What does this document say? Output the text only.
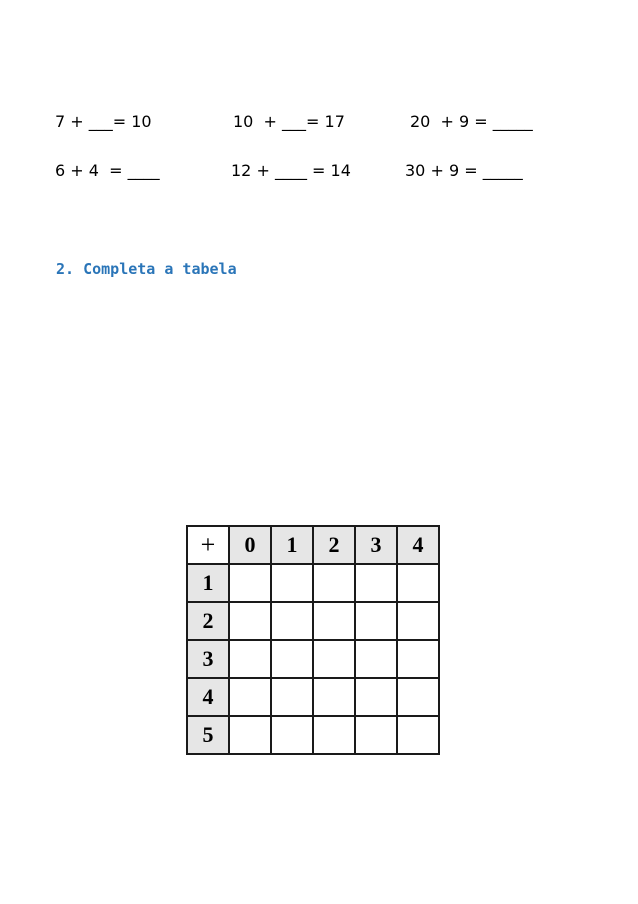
7 + ___= 10	10  + ___= 17	20  + 9 = _____
6 + 4  = ____	12 + ____ = 14	30 + 9 = _____
2. Completa a tabela
+	0	1	2	3	4
1					
2					
3					
4					
5					
